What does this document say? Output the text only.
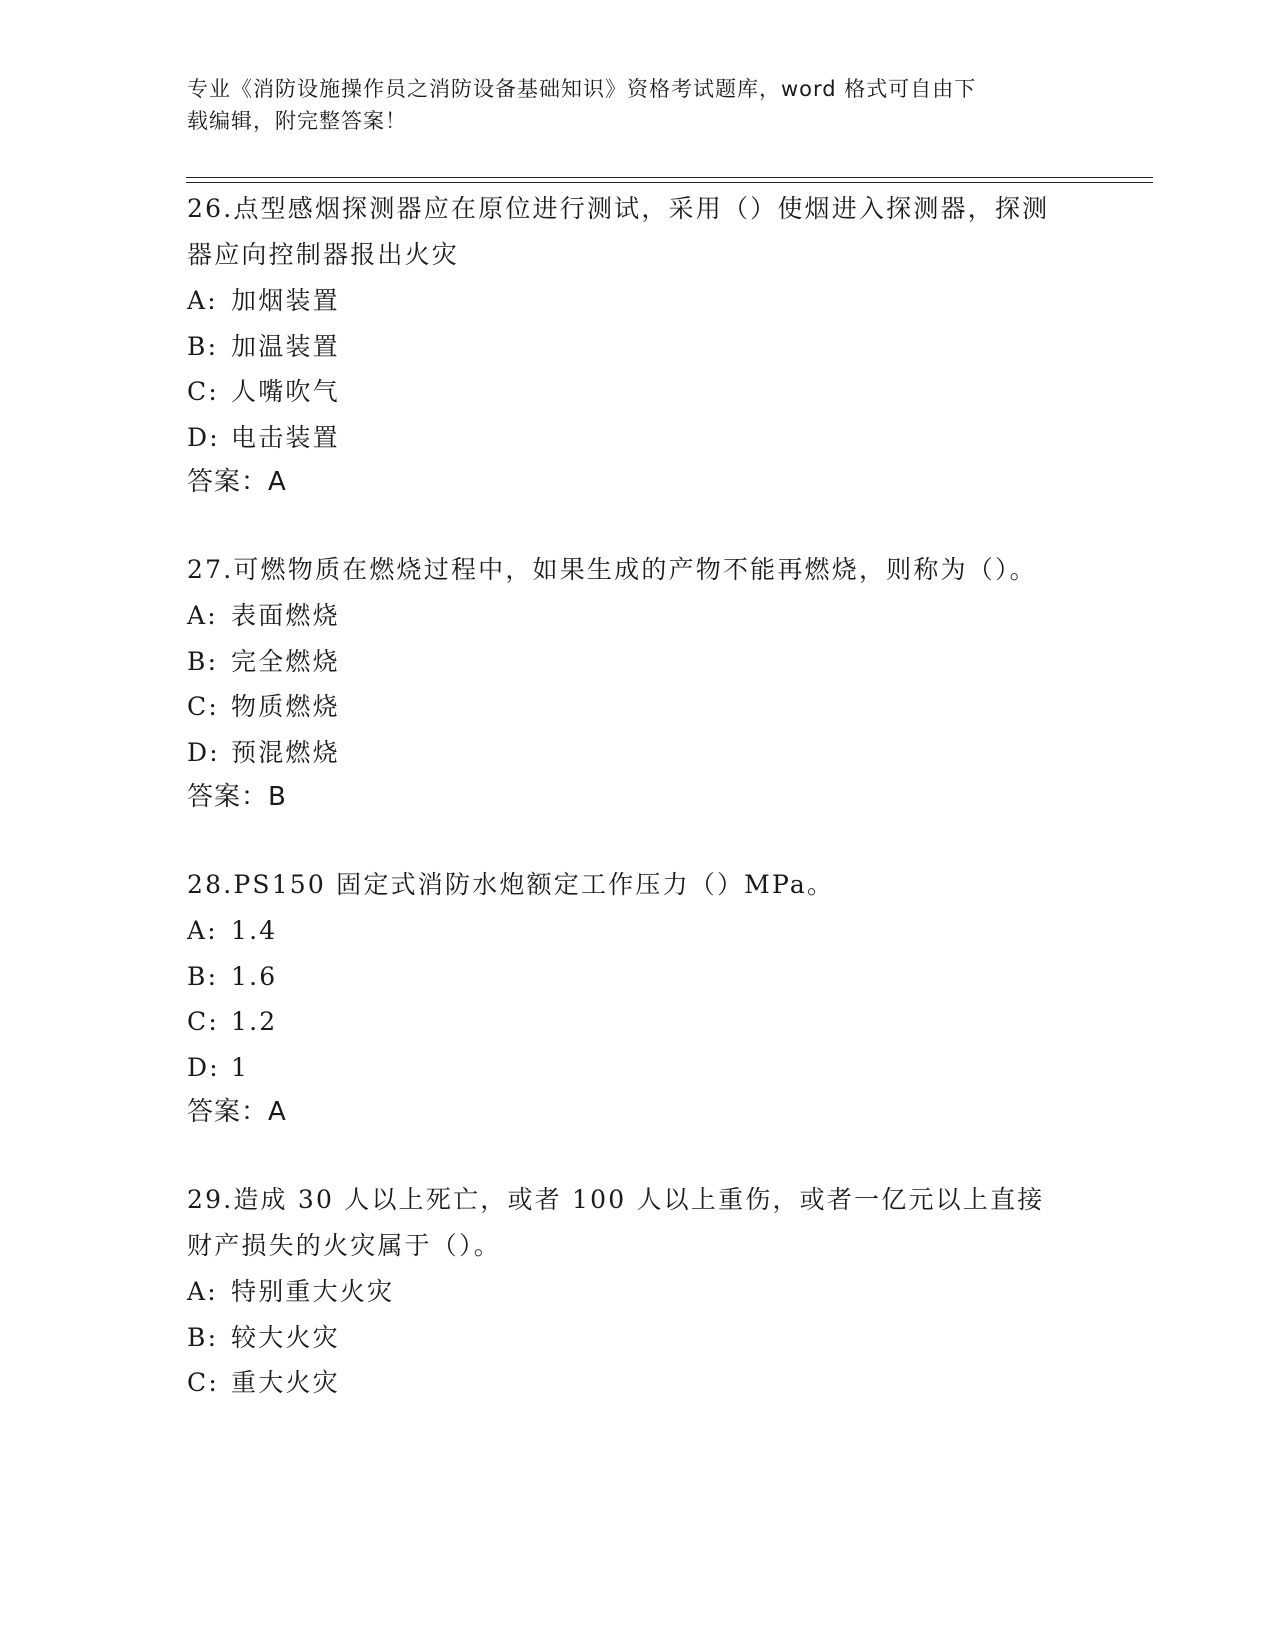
专业《消防设施操作员之消防设备基础知识》资格考试题库，word 格式可自由下
载编辑，附完整答案！
26.点型感烟探测器应在原位进行测试，采用（）使烟进入探测器，探测器应向控制器报出火灾
A: 加烟装置
B: 加温装置
C: 人嘴吹气
D: 电击装置
答案：A
27.可燃物质在燃烧过程中，如果生成的产物不能再燃烧，则称为（）。
A: 表面燃烧
B: 完全燃烧
C: 物质燃烧
D: 预混燃烧
答案：B
28.PS150 固定式消防水炮额定工作压力（）MPa。
A: 1.4
B: 1.6
C: 1.2
D: 1
答案：A
29.造成 30 人以上死亡，或者 100 人以上重伤，或者一亿元以上直接财产损失的火灾属于（）。
A: 特别重大火灾
B: 较大火灾
C: 重大火灾
